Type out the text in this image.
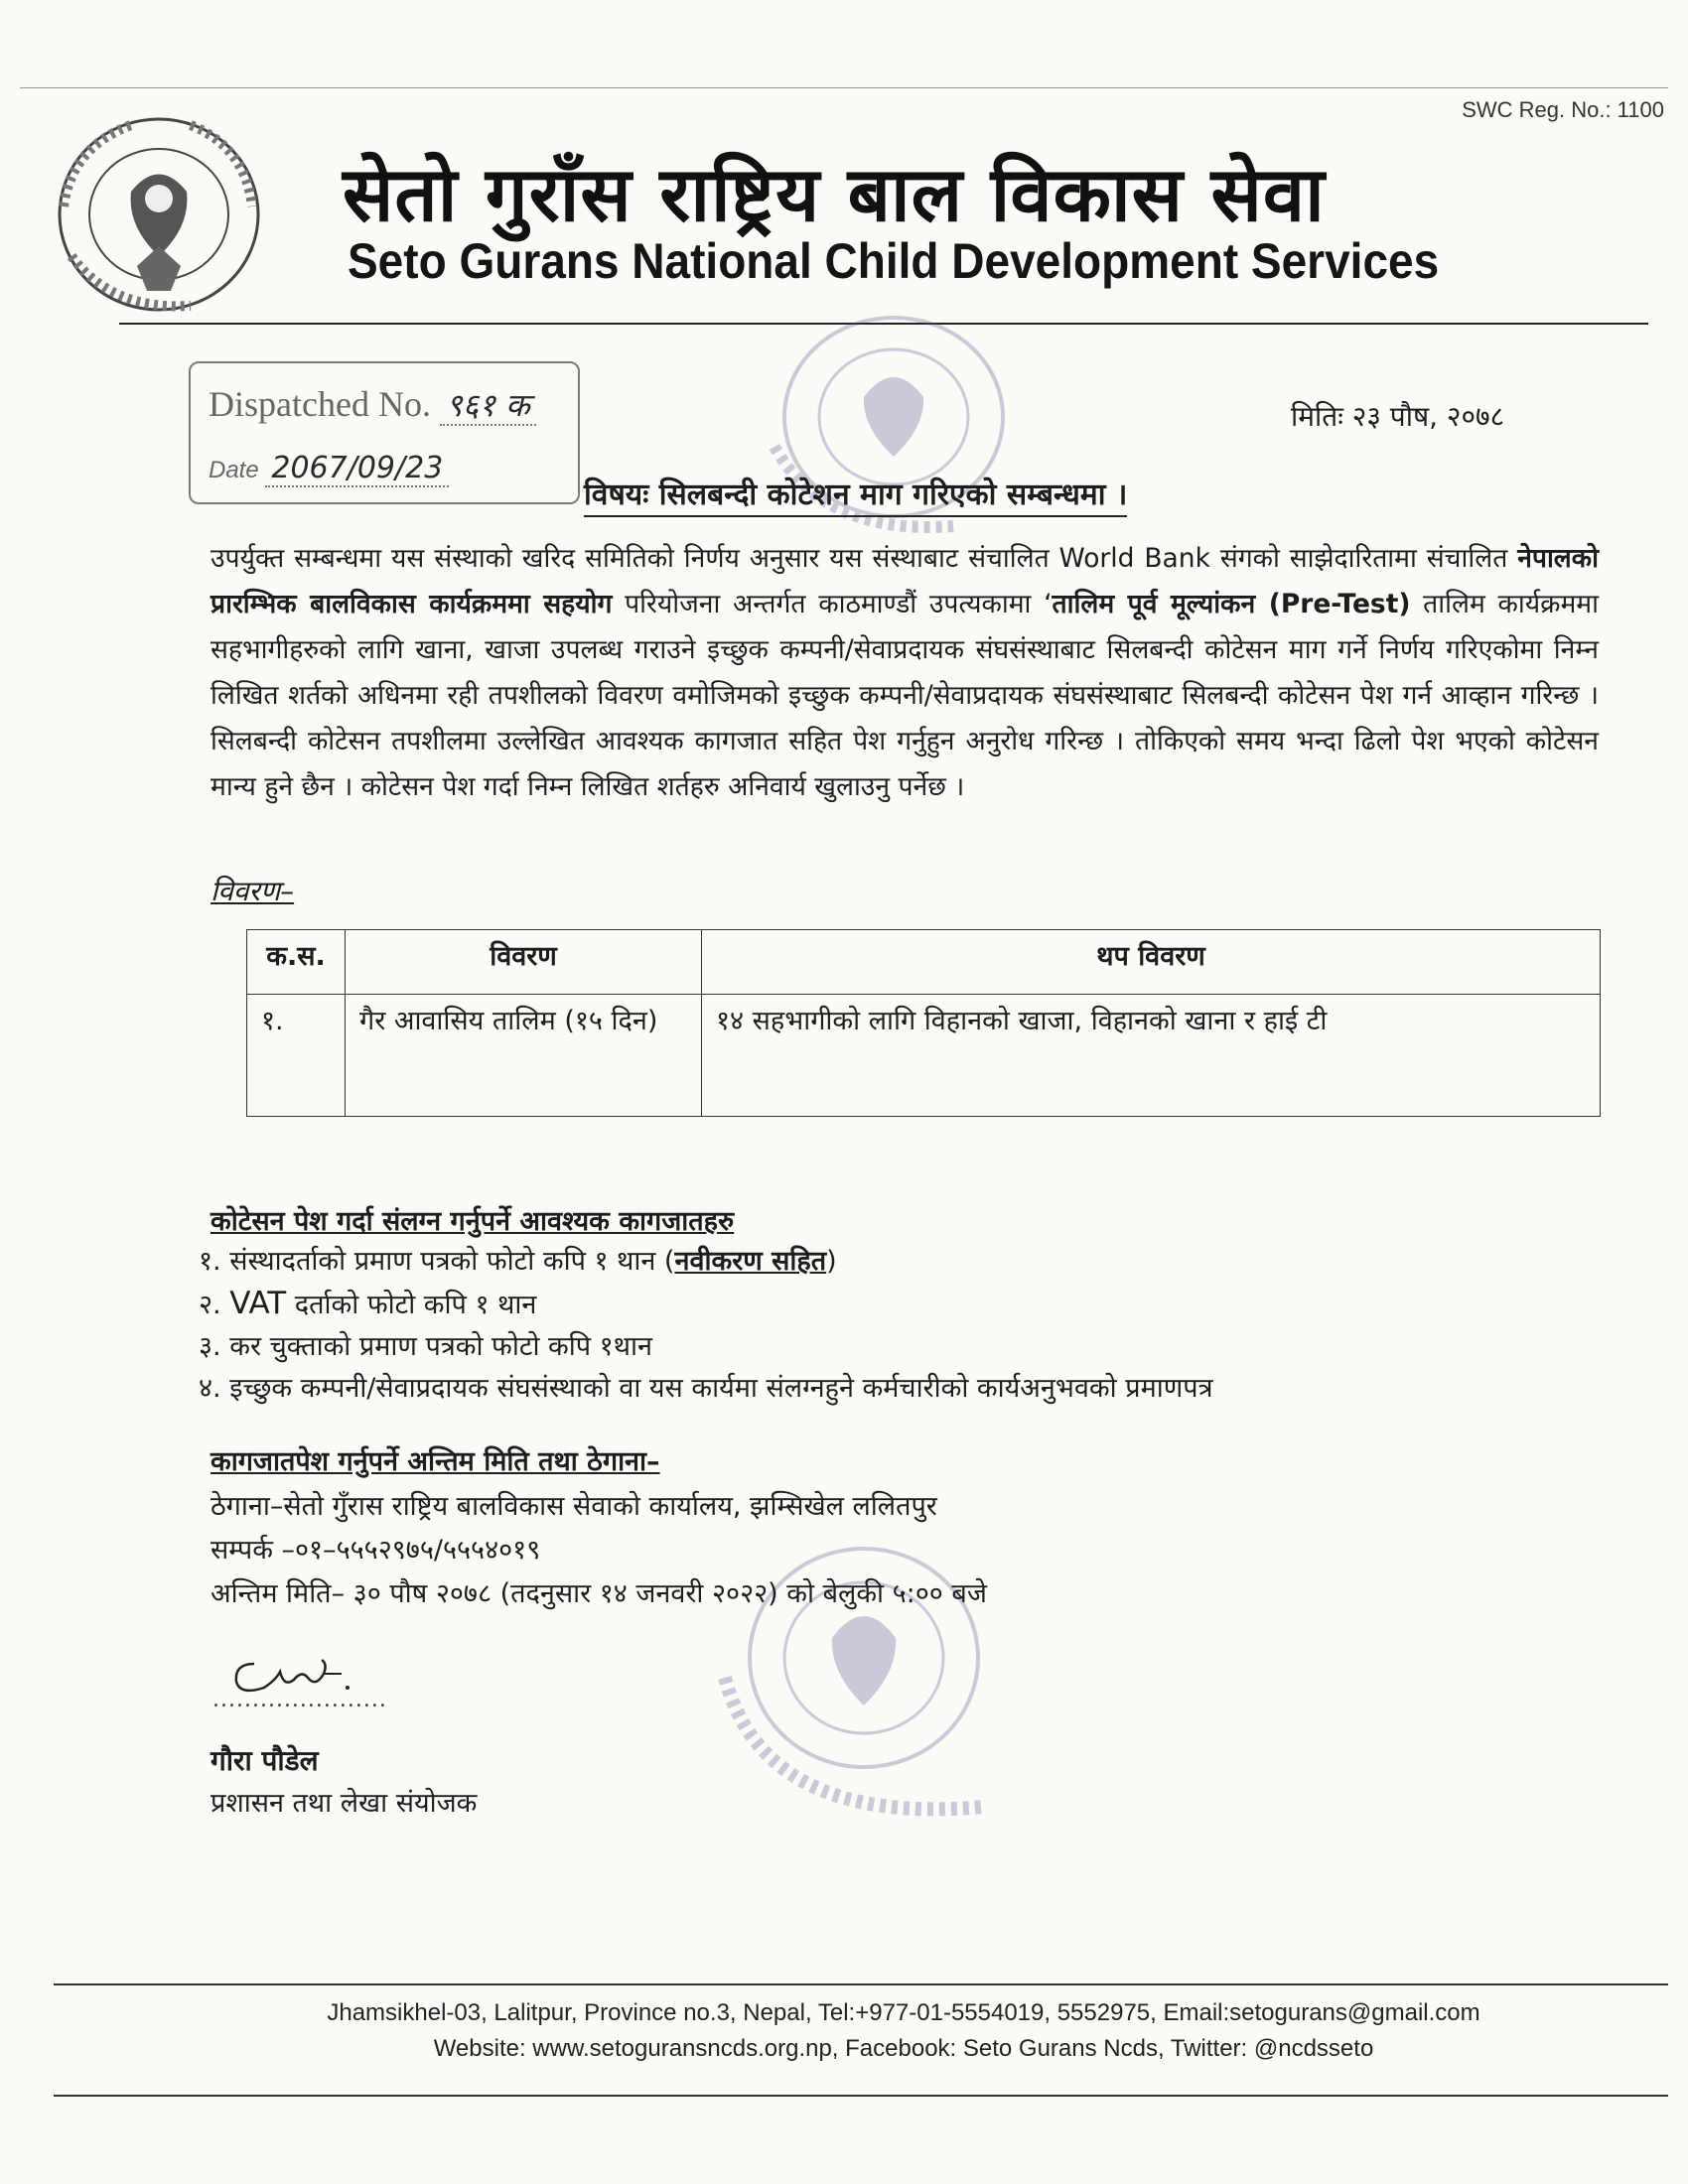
SWC Reg. No.: 1100
सेतो गुराँस राष्ट्रिय बाल विकास सेवा
Seto Gurans National Child Development Services
Dispatched No. ९६१ क
Date 2067/09/23
मितिः २३ पौष, २०७८
विषयः सिलबन्दी कोटेशन माग गरिएको सम्बन्धमा ।
उपर्युक्त सम्बन्धमा यस संस्थाको खरिद समितिको निर्णय अनुसार यस संस्थाबाट संचालित World Bank संगको साझेदारितामा संचालित नेपालको प्रारम्भिक बालविकास कार्यक्रममा सहयोग परियोजना अन्तर्गत काठमाण्डौं उपत्यकामा ‘तालिम पूर्व मूल्यांकन (Pre-Test) तालिम कार्यक्रममा सहभागीहरुको लागि खाना, खाजा उपलब्ध गराउने इच्छुक कम्पनी/सेवाप्रदायक संघसंस्थाबाट सिलबन्दी कोटेसन माग गर्ने निर्णय गरिएकोमा निम्न लिखित शर्तको अधिनमा रही तपशीलको विवरण वमोजिमको इच्छुक कम्पनी/सेवाप्रदायक संघसंस्थाबाट सिलबन्दी कोटेसन पेश गर्न आव्हान गरिन्छ । सिलबन्दी कोटेसन तपशीलमा उल्लेखित आवश्यक कागजात सहित पेश गर्नुहुन अनुरोध गरिन्छ । तोकिएको समय भन्दा ढिलो पेश भएको कोटेसन मान्य हुने छैन । कोटेसन पेश गर्दा निम्न लिखित शर्तहरु अनिवार्य खुलाउनु पर्नेछ ।
विवरण–
क.स.	विवरण	थप विवरण
१.	गैर आवासिय तालिम (१५ दिन)	१४ सहभागीको लागि विहानको खाजा, विहानको खाना र हाई टी
कोटेसन पेश गर्दा संलग्न गर्नुपर्ने आवश्यक कागजातहरु
१. संस्थादर्ताको प्रमाण पत्रको फोटो कपि १ थान (नवीकरण सहित)
२. VAT दर्ताको फोटो कपि १ थान
३. कर चुक्ताको प्रमाण पत्रको फोटो कपि १थान
४. इच्छुक कम्पनी/सेवाप्रदायक संघसंस्थाको वा यस कार्यमा संलग्नहुने कर्मचारीको कार्यअनुभवको प्रमाणपत्र
कागजातपेश गर्नुपर्ने अन्तिम मिति तथा ठेगाना–
ठेगाना–सेतो गुँरास राष्ट्रिय बालविकास सेवाको कार्यालय, झम्सिखेल ललितपुर
सम्पर्क –०१–५५५२९७५/५५५४०१९
अन्तिम मिति– ३० पौष २०७८ (तदनुसार १४ जनवरी २०२२) को बेलुकी ५:०० बजे
......................
गौरा पौडेल
प्रशासन तथा लेखा संयोजक
Jhamsikhel-03, Lalitpur, Province no.3, Nepal, Tel:+977-01-5554019, 5552975, Email:setogurans@gmail.com
Website: www.setoguransncds.org.np, Facebook: Seto Gurans Ncds, Twitter: @ncdsseto
